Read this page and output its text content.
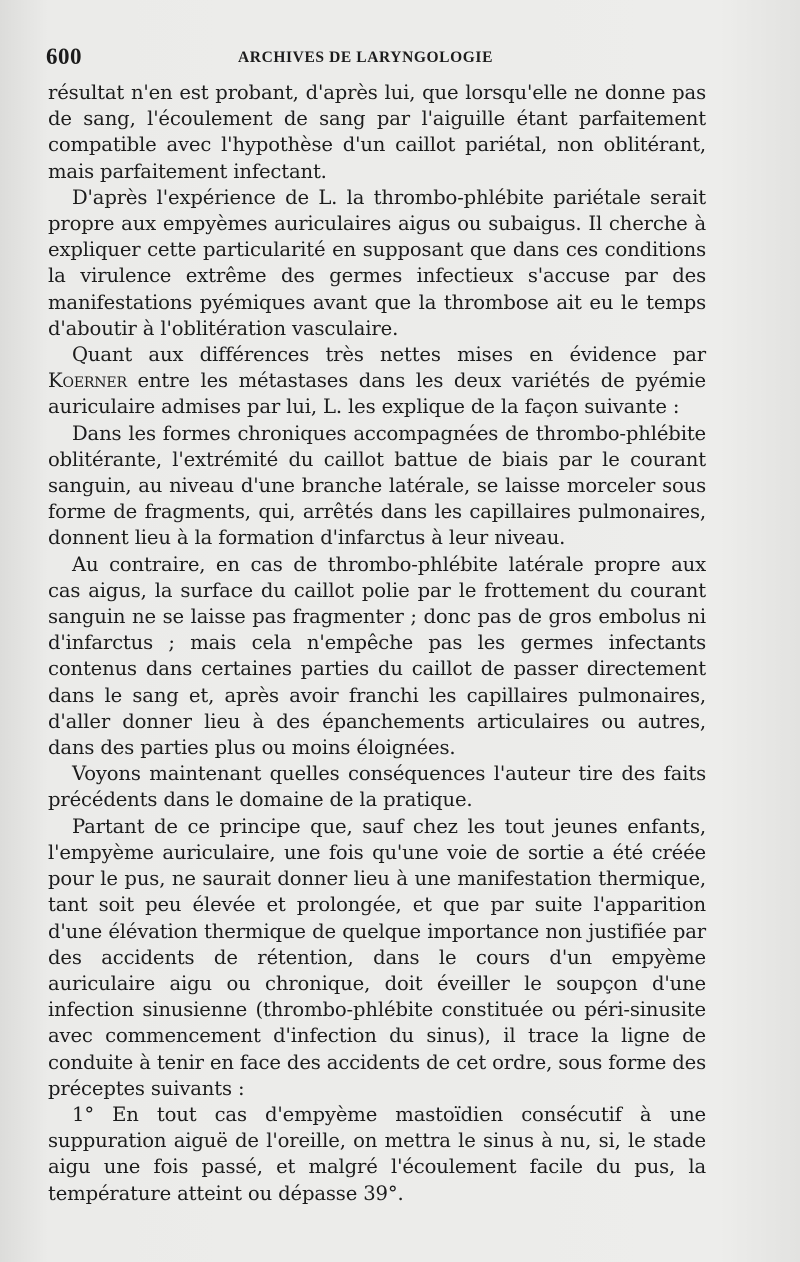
600	ARCHIVES DE LARYNGOLOGIE

résultat n'en est probant, d'après lui, que lorsqu'elle ne donne pas de sang, l'écoulement de sang par l'aiguille étant parfaitement compatible avec l'hypothèse d'un caillot pariétal, non oblitérant, mais parfaitement infectant.

D'après l'expérience de L. la thrombo-phlébite pariétale serait propre aux empyèmes auriculaires aigus ou subaigus. Il cherche à expliquer cette particularité en supposant que dans ces conditions la virulence extrême des germes infectieux s'accuse par des manifestations pyémiques avant que la thrombose ait eu le temps d'aboutir à l'oblitération vasculaire.

Quant aux différences très nettes mises en évidence par Koerner entre les métastases dans les deux variétés de pyémie auriculaire admises par lui, L. les explique de la façon suivante :

Dans les formes chroniques accompagnées de thrombo-phlébite oblitérante, l'extrémité du caillot battue de biais par le courant sanguin, au niveau d'une branche latérale, se laisse morceler sous forme de fragments, qui, arrêtés dans les capillaires pulmonaires, donnent lieu à la formation d'infarctus à leur niveau.

Au contraire, en cas de thrombo-phlébite latérale propre aux cas aigus, la surface du caillot polie par le frottement du courant sanguin ne se laisse pas fragmenter ; donc pas de gros embolus ni d'infarctus ; mais cela n'empêche pas les germes infectants contenus dans certaines parties du caillot de passer directement dans le sang et, après avoir franchi les capillaires pulmonaires, d'aller donner lieu à des épanchements articulaires ou autres, dans des parties plus ou moins éloignées.

Voyons maintenant quelles conséquences l'auteur tire des faits précédents dans le domaine de la pratique.

Partant de ce principe que, sauf chez les tout jeunes enfants, l'empyème auriculaire, une fois qu'une voie de sortie a été créée pour le pus, ne saurait donner lieu à une manifestation thermique, tant soit peu élevée et prolongée, et que par suite l'apparition d'une élévation thermique de quelque importance non justifiée par des accidents de rétention, dans le cours d'un empyème auriculaire aigu ou chronique, doit éveiller le soupçon d'une infection sinusienne (thrombo-phlébite constituée ou péri-sinusite avec commencement d'infection du sinus), il trace la ligne de conduite à tenir en face des accidents de cet ordre, sous forme des préceptes suivants :

1° En tout cas d'empyème mastoïdien consécutif à une suppuration aiguë de l'oreille, on mettra le sinus à nu, si, le stade aigu une fois passé, et malgré l'écoulement facile du pus, la température atteint ou dépasse 39°.
